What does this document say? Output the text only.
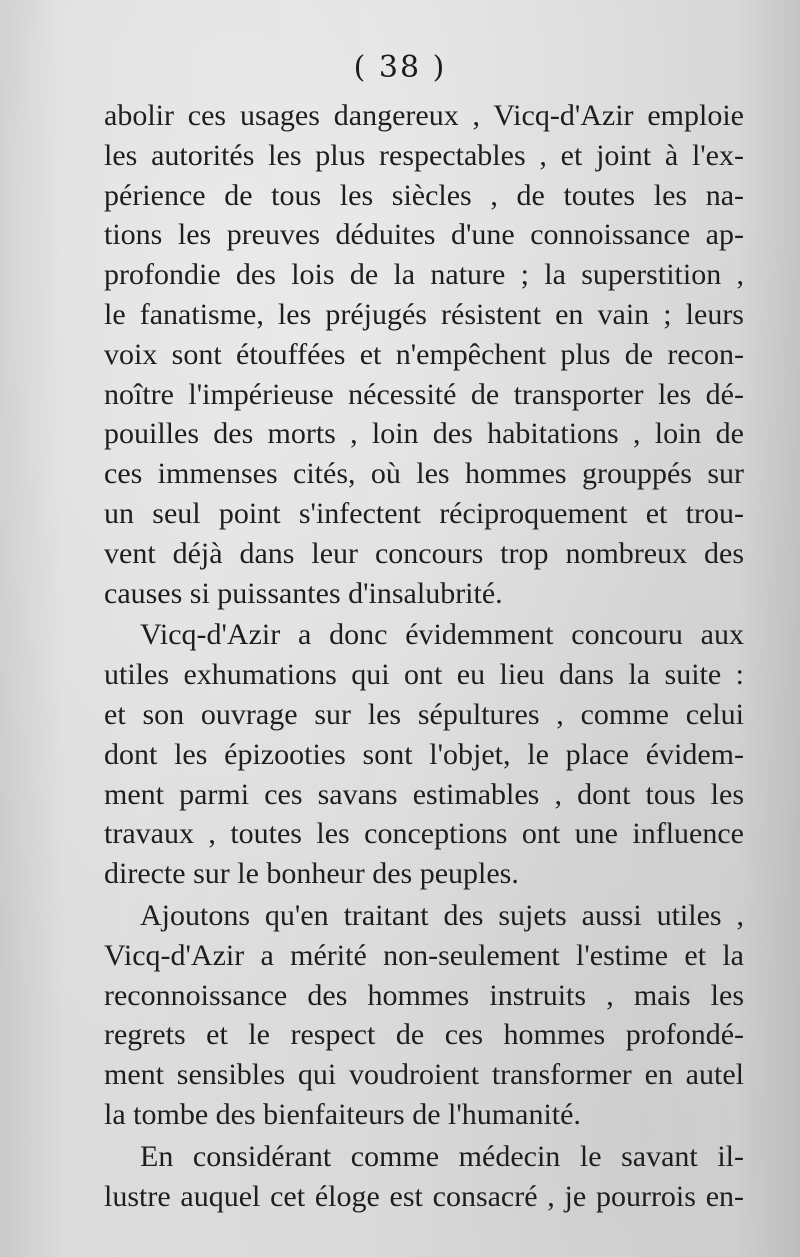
( 38 )
abolir ces usages dangereux , Vicq-d'Azir emploie
les autorités les plus respectables , et joint à l'ex-
périence de tous les siècles , de toutes les na-
tions les preuves déduites d'une connoissance ap-
profondie des lois de la nature ; la superstition ,
le fanatisme, les préjugés résistent en vain ; leurs
voix sont étouffées et n'empêchent plus de recon-
noître l'impérieuse nécessité de transporter les dé-
pouilles des morts , loin des habitations , loin de
ces immenses cités, où les hommes grouppés sur
un seul point s'infectent réciproquement et trou-
vent déjà dans leur concours trop nombreux des
causes si puissantes d'insalubrité.
Vicq-d'Azir a donc évidemment concouru aux
utiles exhumations qui ont eu lieu dans la suite :
et son ouvrage sur les sépultures , comme celui
dont les épizooties sont l'objet, le place évidem-
ment parmi ces savans estimables , dont tous les
travaux , toutes les conceptions ont une influence
directe sur le bonheur des peuples.
Ajoutons qu'en traitant des sujets aussi utiles ,
Vicq-d'Azir a mérité non-seulement l'estime et la
reconnoissance des hommes instruits , mais les
regrets et le respect de ces hommes profondé-
ment sensibles qui voudroient transformer en autel
la tombe des bienfaiteurs de l'humanité.
En considérant comme médecin le savant il-
lustre auquel cet éloge est consacré , je pourrois en-
